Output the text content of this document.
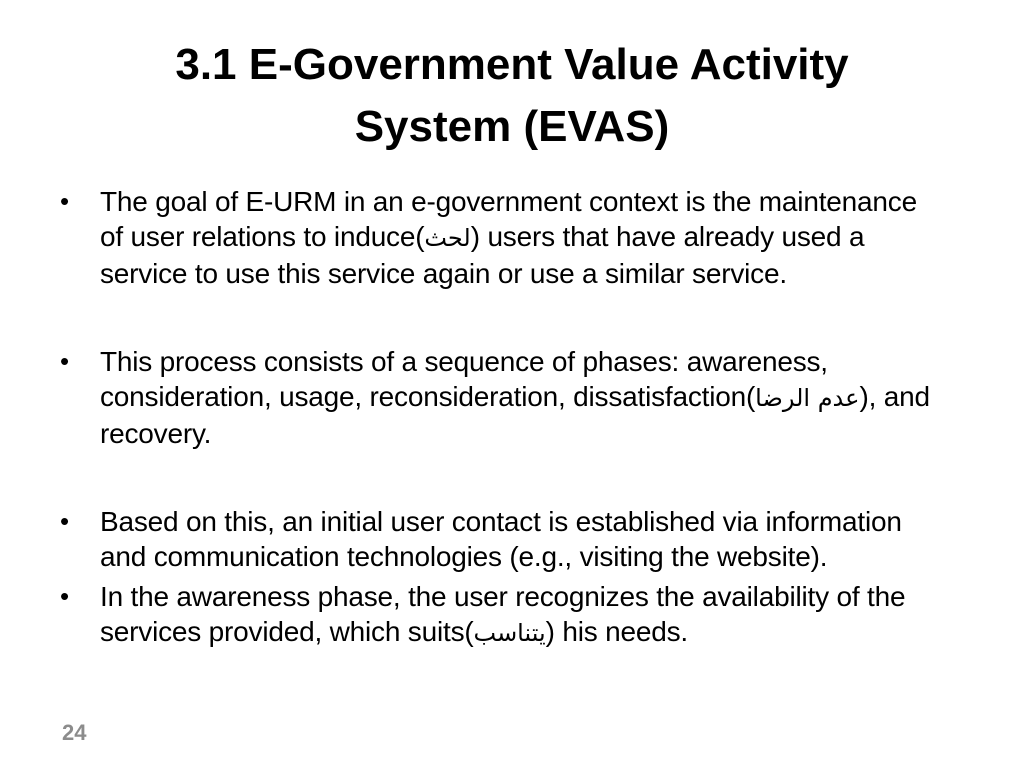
3.1 E-Government Value Activity
System (EVAS)
• The goal of E-URM in an e-government context is the maintenance of user relations to induce(لحث) users that have already used a service to use this service again or use a similar service.
• This process consists of a sequence of phases: awareness, consideration, usage, reconsideration, dissatisfaction(عدم الرضا), and recovery.
• Based on this, an initial user contact is established via information and communication technologies (e.g., visiting the website).
• In the awareness phase, the user recognizes the availability of the services provided, which suits(يتناسب) his needs.
24
